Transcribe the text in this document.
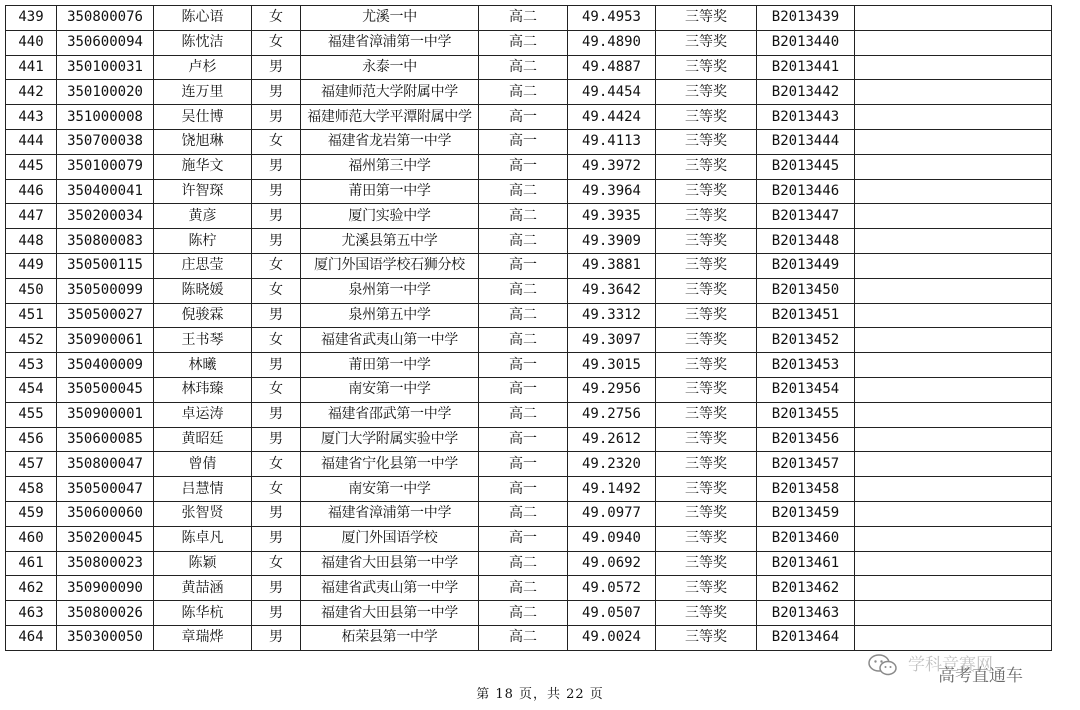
439	350800076	陈心语	女	尤溪一中	高二	49.4953	三等奖	B2013439	
440	350600094	陈忱洁	女	福建省漳浦第一中学	高二	49.4890	三等奖	B2013440	
441	350100031	卢杉	男	永泰一中	高二	49.4887	三等奖	B2013441	
442	350100020	连万里	男	福建师范大学附属中学	高二	49.4454	三等奖	B2013442	
443	351000008	吴仕博	男	福建师范大学平潭附属中学	高一	49.4424	三等奖	B2013443	
444	350700038	饶旭琳	女	福建省龙岩第一中学	高一	49.4113	三等奖	B2013444	
445	350100079	施华文	男	福州第三中学	高一	49.3972	三等奖	B2013445	
446	350400041	许智琛	男	莆田第一中学	高二	49.3964	三等奖	B2013446	
447	350200034	黄彦	男	厦门实验中学	高二	49.3935	三等奖	B2013447	
448	350800083	陈柠	男	尤溪县第五中学	高二	49.3909	三等奖	B2013448	
449	350500115	庄思莹	女	厦门外国语学校石狮分校	高一	49.3881	三等奖	B2013449	
450	350500099	陈晓媛	女	泉州第一中学	高二	49.3642	三等奖	B2013450	
451	350500027	倪骏霖	男	泉州第五中学	高二	49.3312	三等奖	B2013451	
452	350900061	王书琴	女	福建省武夷山第一中学	高二	49.3097	三等奖	B2013452	
453	350400009	林曦	男	莆田第一中学	高一	49.3015	三等奖	B2013453	
454	350500045	林玮臻	女	南安第一中学	高一	49.2956	三等奖	B2013454	
455	350900001	卓运涛	男	福建省邵武第一中学	高二	49.2756	三等奖	B2013455	
456	350600085	黄昭廷	男	厦门大学附属实验中学	高一	49.2612	三等奖	B2013456	
457	350800047	曾倩	女	福建省宁化县第一中学	高一	49.2320	三等奖	B2013457	
458	350500047	吕慧情	女	南安第一中学	高一	49.1492	三等奖	B2013458	
459	350600060	张智贤	男	福建省漳浦第一中学	高二	49.0977	三等奖	B2013459	
460	350200045	陈卓凡	男	厦门外国语学校	高一	49.0940	三等奖	B2013460	
461	350800023	陈颖	女	福建省大田县第一中学	高二	49.0692	三等奖	B2013461	
462	350900090	黄喆涵	男	福建省武夷山第一中学	高二	49.0572	三等奖	B2013462	
463	350800026	陈华杭	男	福建省大田县第一中学	高二	49.0507	三等奖	B2013463	
464	350300050	章瑞烨	男	柘荣县第一中学	高二	49.0024	三等奖	B2013464	
学科竞赛网
高考直通车
第 18 页，共 22 页
